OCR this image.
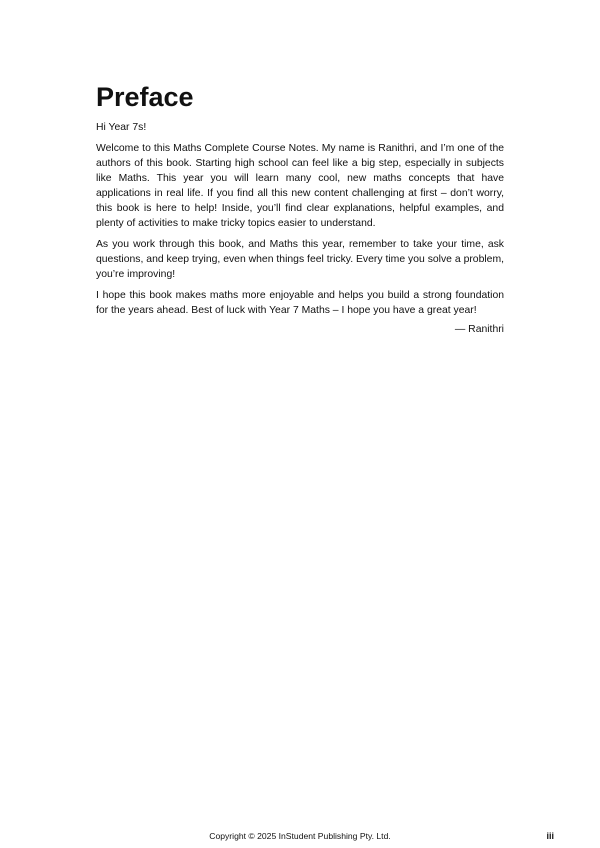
Preface

Hi Year 7s!

Welcome to this Maths Complete Course Notes. My name is Ranithri, and I’m one of the authors of this book. Starting high school can feel like a big step, especially in subjects like Maths. This year you will learn many cool, new maths concepts that have applications in real life. If you find all this new content challenging at first – don’t worry, this book is here to help! Inside, you’ll find clear explanations, helpful examples, and plenty of activities to make tricky topics easier to understand.

As you work through this book, and Maths this year, remember to take your time, ask questions, and keep trying, even when things feel tricky. Every time you solve a problem, you’re improving!

I hope this book makes maths more enjoyable and helps you build a strong foundation for the years ahead. Best of luck with Year 7 Maths – I hope you have a great year!

— Ranithri

Copyright © 2025 InStudent Publishing Pty. Ltd.	iii
